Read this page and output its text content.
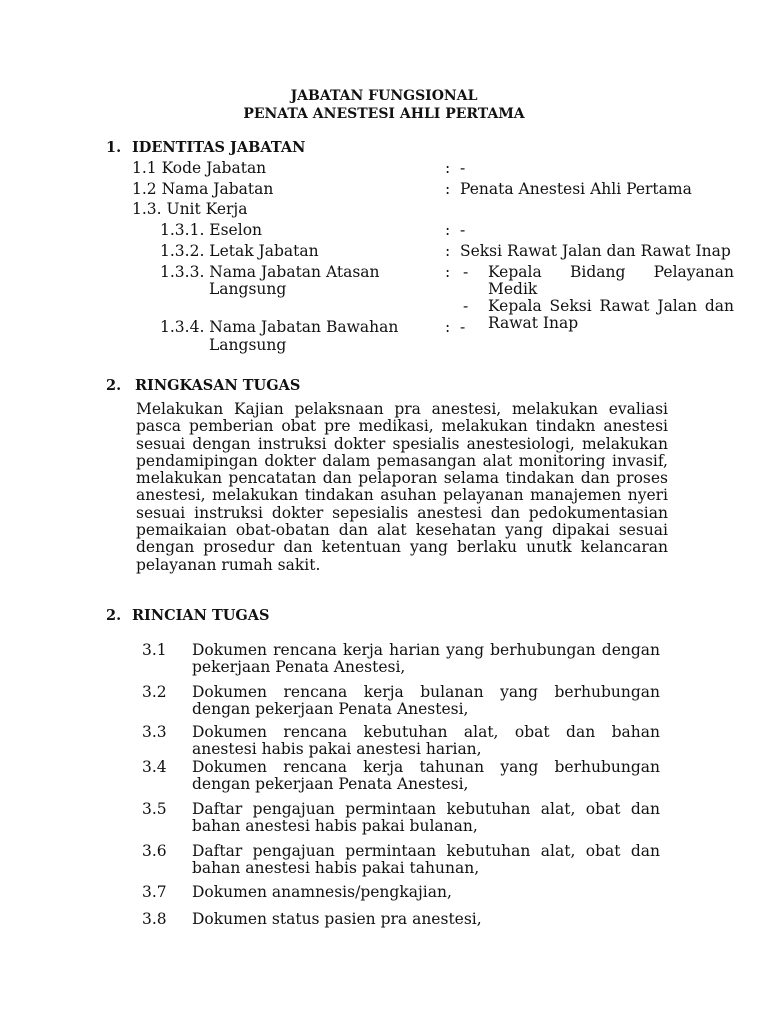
JABATAN FUNGSIONAL
PENATA ANESTESI AHLI PERTAMA
1. IDENTITAS JABATAN
1.1 Kode Jabatan	: -
1.2 Nama Jabatan	: Penata Anestesi Ahli Pertama
1.3. Unit Kerja
1.3.1. Eselon	: -
1.3.2. Letak Jabatan	: Seksi Rawat Jalan dan Rawat Inap
1.3.3. Nama Jabatan Atasan
Langsung
: - Kepala Bidang Pelayanan Medik
- Kepala Seksi Rawat Jalan dan Rawat Inap
1.3.4. Nama Jabatan Bawahan
Langsung
: -
2. RINGKASAN TUGAS
Melakukan Kajian pelaksnaan pra anestesi, melakukan evaliasi pasca pemberian obat pre medikasi, melakukan tindakn anestesi sesuai dengan instruksi dokter spesialis anestesiologi, melakukan pendamipingan dokter dalam pemasangan alat monitoring invasif, melakukan pencatatan dan pelaporan selama tindakan dan proses anestesi, melakukan tindakan asuhan pelayanan manajemen nyeri sesuai instruksi dokter sepesialis anestesi dan pedokumentasian pemaikaian obat-obatan dan alat kesehatan yang dipakai sesuai dengan prosedur dan ketentuan yang berlaku unutk kelancaran pelayanan rumah sakit.
2. RINCIAN TUGAS
3.1 Dokumen rencana kerja harian yang berhubungan dengan pekerjaan Penata Anestesi,
3.2 Dokumen rencana kerja bulanan yang berhubungan dengan pekerjaan Penata Anestesi,
3.3 Dokumen rencana kebutuhan alat, obat dan bahan anestesi habis pakai anestesi harian,
3.4 Dokumen rencana kerja tahunan yang berhubungan dengan pekerjaan Penata Anestesi,
3.5 Daftar pengajuan permintaan kebutuhan alat, obat dan bahan anestesi habis pakai bulanan,
3.6 Daftar pengajuan permintaan kebutuhan alat, obat dan bahan anestesi habis pakai tahunan,
3.7 Dokumen anamnesis/pengkajian,
3.8 Dokumen status pasien pra anestesi,
